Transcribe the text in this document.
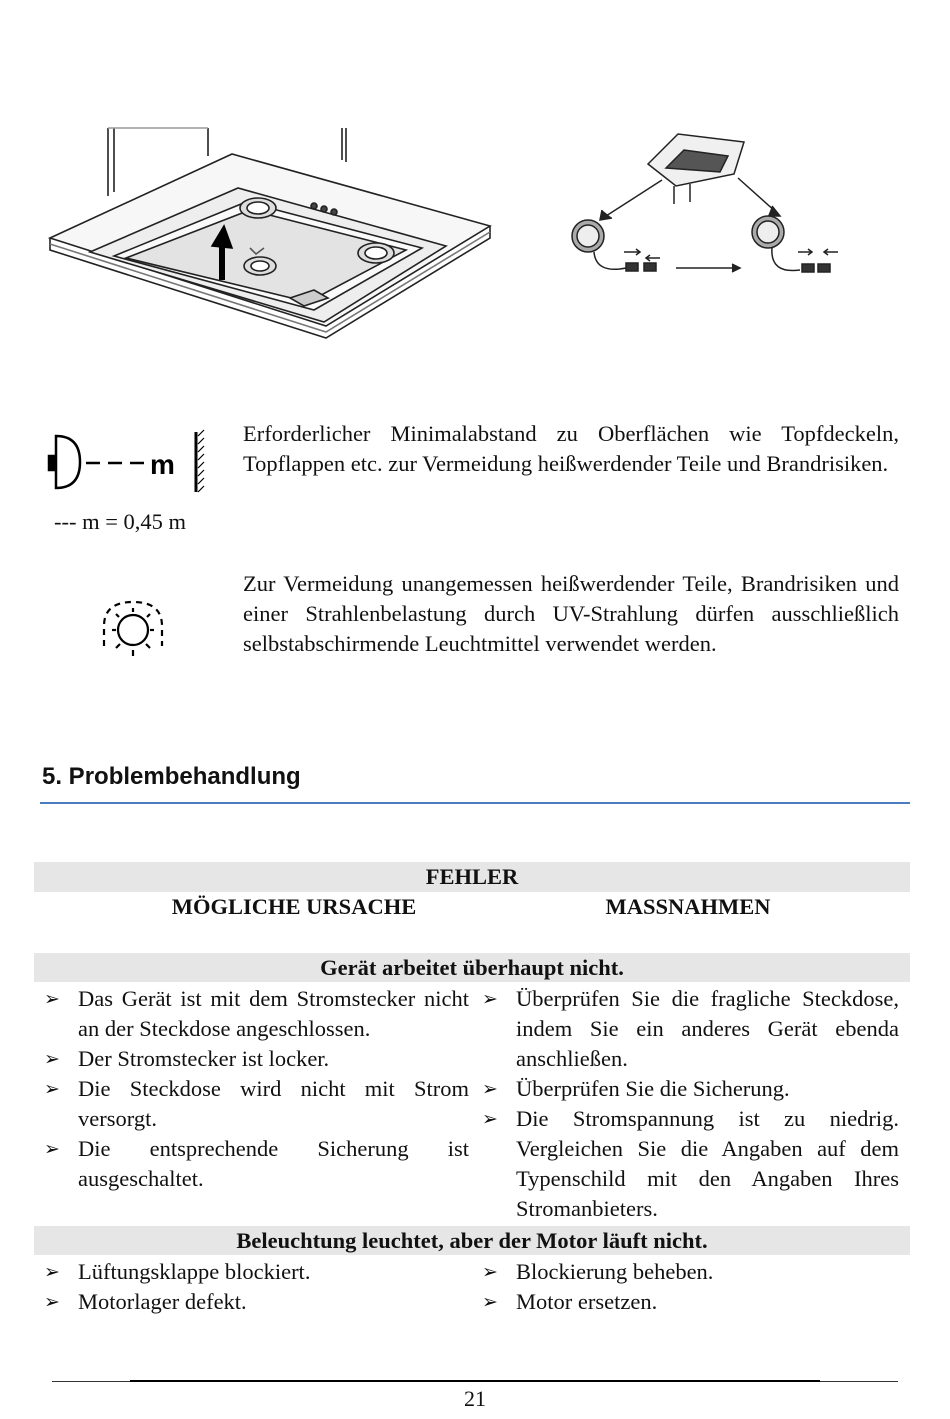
m
--- m = 0,45 m
Erforderlicher Minimalabstand zu Oberflächen wie Topfdeckeln, Topflappen etc. zur Vermeidung heißwerdender Teile und Brandrisiken.
Zur Vermeidung unangemessen heißwerdender Teile, Brandrisiken und einer Strahlenbelastung durch UV-Strahlung dürfen ausschließlich selbstabschirmende Leuchtmittel verwendet werden.
5. Problembehandlung
FEHLER
MÖGLICHE URSACHE	MASSNAHMEN
Gerät arbeitet überhaupt nicht.

➢ Das Gerät ist mit dem Stromstecker nicht an der Steckdose angeschlossen.

➢ Der Stromstecker ist locker.

➢ Die Steckdose wird nicht mit Strom versorgt.

➢ Die entsprechende Sicherung ist ausgeschaltet.

➢ Überprüfen Sie die fragliche Steckdose, indem Sie ein anderes Gerät ebenda anschließen.

➢ Überprüfen Sie die Sicherung.

➢ Die Stromspannung ist zu niedrig. Vergleichen Sie die Angaben auf dem Typenschild mit den Angaben Ihres Stromanbieters.

Beleuchtung leuchtet, aber der Motor läuft nicht.

➢ Lüftungsklappe blockiert.

➢ Motorlager defekt.

➢ Blockierung beheben.

➢ Motor ersetzen.

21
